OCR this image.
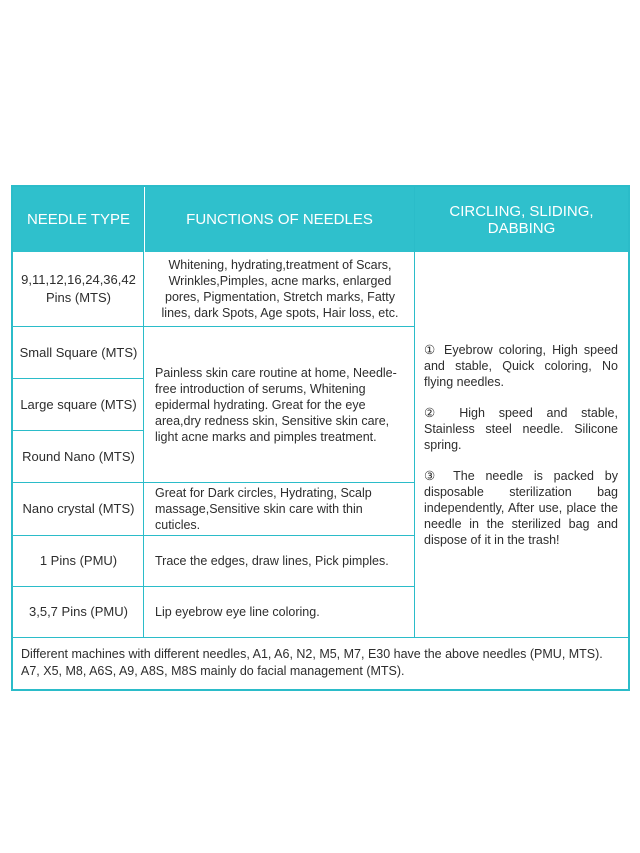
NEEDLE TYPE	FUNCTIONS OF NEEDLES	CIRCLING, SLIDING, DABBING
9,11,12,16,24,36,42 Pins (MTS)
Small Square (MTS)
Large square (MTS)
Round Nano (MTS)
Nano crystal (MTS)
1 Pins (PMU)
3,5,7 Pins (PMU)
Whitening, hydrating,treatment of Scars, Wrinkles,Pimples, acne marks, enlarged pores, Pigmentation, Stretch marks, Fatty lines, dark Spots, Age spots, Hair loss, etc.
Painless skin care routine at home, Needle-free introduction of serums, Whitening epidermal hydrating. Great for the eye area,dry redness skin, Sensitive skin care, light acne marks and pimples treatment.
Great for Dark circles, Hydrating, Scalp massage,Sensitive skin care with thin cuticles.
Trace the edges, draw lines, Pick pimples.
Lip eyebrow eye line coloring.

① Eyebrow coloring, High speed and stable, Quick coloring, No flying needles.

② High speed and stable, Stainless steel needle. Silicone spring.

③ The needle is packed by disposable sterilization bag independently, After use, place the needle in the sterilized bag and dispose of it in the trash!

Different machines with different needles, A1, A6, N2, M5, M7, E30 have the above needles (PMU, MTS). A7, X5, M8, A6S, A9, A8S, M8S mainly do facial management (MTS).
